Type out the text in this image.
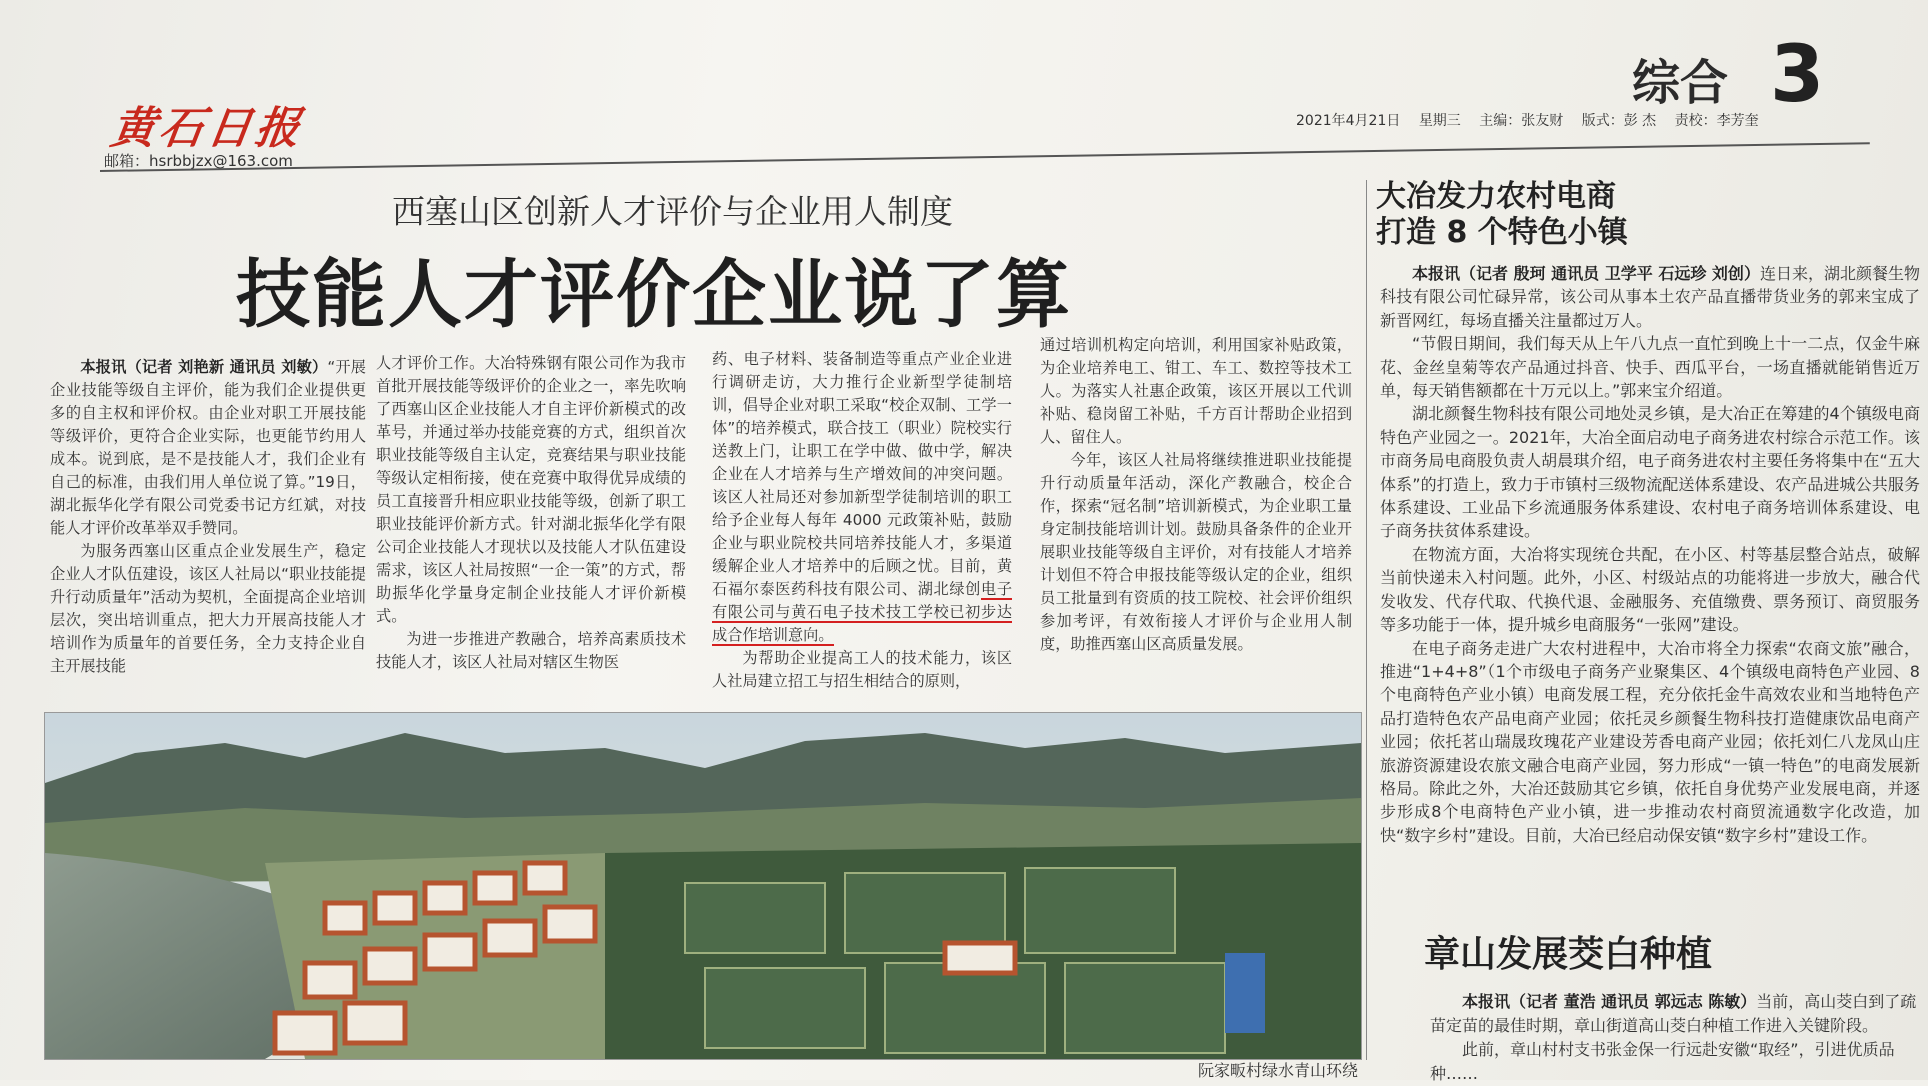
黄石日报
邮箱：hsrbbjzx@163.com
综合 3
2021年4月21日 星期三 主编：张友财 版式：彭 杰 责校：李芳奎
西塞山区创新人才评价与企业用人制度
技能人才评价企业说了算

本报讯（记者 刘艳新 通讯员 刘敏）“开展企业技能等级自主评价，能为我们企业提供更多的自主权和评价权。由企业对职工开展技能等级评价，更符合企业实际，也更能节约用人成本。说到底，是不是技能人才，我们企业有自己的标准，由我们用人单位说了算。”19日，湖北振华化学有限公司党委书记方红斌，对技能人才评价改革举双手赞同。

为服务西塞山区重点企业发展生产，稳定企业人才队伍建设，该区人社局以“职业技能提升行动质量年”活动为契机，全面提高企业培训层次，突出培训重点，把大力开展高技能人才培训作为质量年的首要任务，全力支持企业自主开展技能

人才评价工作。大冶特殊钢有限公司作为我市首批开展技能等级评价的企业之一，率先吹响了西塞山区企业技能人才自主评价新模式的改革号，并通过举办技能竞赛的方式，组织首次职业技能等级自主认定，竞赛结果与职业技能等级认定相衔接，使在竞赛中取得优异成绩的员工直接晋升相应职业技能等级，创新了职工职业技能评价新方式。针对湖北振华化学有限公司企业技能人才现状以及技能人才队伍建设需求，该区人社局按照“一企一策”的方式，帮助振华化学量身定制企业技能人才评价新模式。

为进一步推进产教融合，培养高素质技术技能人才，该区人社局对辖区生物医

药、电子材料、装备制造等重点产业企业进行调研走访，大力推行企业新型学徒制培训，倡导企业对职工采取“校企双制、工学一体”的培养模式，联合技工（职业）院校实行送教上门，让职工在学中做、做中学，解决企业在人才培养与生产增效间的冲突问题。该区人社局还对参加新型学徒制培训的职工给予企业每人每年 4000 元政策补贴，鼓励企业与职业院校共同培养技能人才，多渠道缓解企业人才培养中的后顾之忧。目前，黄石福尔泰医药科技有限公司、湖北绿创电子有限公司与黄石电子技术技工学校已初步达成合作培训意向。

为帮助企业提高工人的技术能力，该区人社局建立招工与招生相结合的原则，

通过培训机构定向培训，利用国家补贴政策，为企业培养电工、钳工、车工、数控等技术工人。为落实人社惠企政策，该区开展以工代训补贴、稳岗留工补贴，千方百计帮助企业招到人、留住人。

今年，该区人社局将继续推进职业技能提升行动质量年活动，深化产教融合，校企合作，探索“冠名制”培训新模式，为企业职工量身定制技能培训计划。鼓励具备条件的企业开展职业技能等级自主评价，对有技能人才培养计划但不符合申报技能等级认定的企业，组织员工批量到有资质的技工院校、社会评价组织参加考评，有效衔接人才评价与企业用人制度，助推西塞山区高质量发展。

阮家畈村绿水青山环绕
大冶发力农村电商
打造 8 个特色小镇

本报讯（记者 殷珂 通讯员 卫学平 石远珍 刘创）连日来，湖北颜餐生物科技有限公司忙碌异常，该公司从事本土农产品直播带货业务的郭来宝成了新晋网红，每场直播关注量都过万人。

“节假日期间，我们每天从上午八九点一直忙到晚上十一二点，仅金牛麻花、金丝皇菊等农产品通过抖音、快手、西瓜平台，一场直播就能销售近万单，每天销售额都在十万元以上。”郭来宝介绍道。

湖北颜餐生物科技有限公司地处灵乡镇，是大冶正在筹建的4个镇级电商特色产业园之一。2021年，大冶全面启动电子商务进农村综合示范工作。该市商务局电商股负责人胡晨琪介绍，电子商务进农村主要任务将集中在“五大体系”的打造上，致力于市镇村三级物流配送体系建设、农产品进城公共服务体系建设、工业品下乡流通服务体系建设、农村电子商务培训体系建设、电子商务扶贫体系建设。

在物流方面，大冶将实现统仓共配，在小区、村等基层整合站点，破解当前快递未入村问题。此外，小区、村级站点的功能将进一步放大，融合代发收发、代存代取、代换代退、金融服务、充值缴费、票务预订、商贸服务等多功能于一体，提升城乡电商服务“一张网”建设。

在电子商务走进广大农村进程中，大冶市将全力探索“农商文旅”融合，推进“1+4+8”（1个市级电子商务产业聚集区、4个镇级电商特色产业园、8个电商特色产业小镇）电商发展工程，充分依托金牛高效农业和当地特色产品打造特色农产品电商产业园；依托灵乡颜餐生物科技打造健康饮品电商产业园；依托茗山瑞晟玫瑰花产业建设芳香电商产业园；依托刘仁八龙凤山庄旅游资源建设农旅文融合电商产业园，努力形成“一镇一特色”的电商发展新格局。除此之外，大冶还鼓励其它乡镇，依托自身优势产业发展电商，并逐步形成8个电商特色产业小镇，进一步推动农村商贸流通数字化改造，加快“数字乡村”建设。目前，大冶已经启动保安镇“数字乡村”建设工作。

章山发展茭白种植

本报讯（记者 董浩 通讯员 郭远志 陈敏）当前，高山茭白到了疏苗定苗的最佳时期，章山街道高山茭白种植工作进入关键阶段。

此前，章山村村支书张金保一行远赴安徽“取经”，引进优质品种……
